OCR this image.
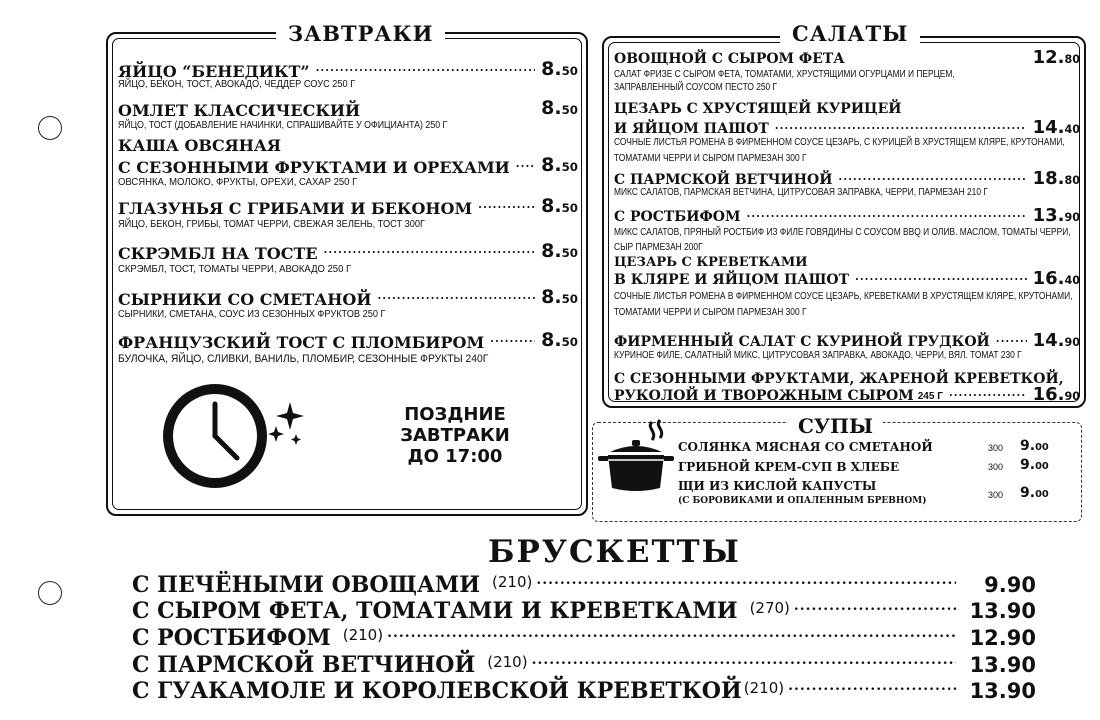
ЗАВТРАКИ
ЯЙЦО “БЕНЕДИКТ” .....	8.50
ЯЙЦО, БЕКОН, ТОСТ, АВОКАДО, ЧЕДДЕР СОУС 250 Г
ОМЛЕТ КЛАССИЧЕСКИЙ	8.50
ЯЙЦО, ТОСТ (ДОБАВЛЕНИЕ НАЧИНКИ, СПРАШИВАЙТЕ У ОФИЦИАНТА) 250 Г
КАША ОВСЯНАЯ
С СЕЗОННЫМИ ФРУКТАМИ И ОРЕХАМИ ..... 8.50
ОВСЯНКА, МОЛОКО, ФРУКТЫ, ОРЕХИ, САХАР 250 Г
ГЛАЗУНЬЯ С ГРИБАМИ И БЕКОНОМ .....	8.50
ЯЙЦО, БЕКОН, ГРИБЫ, ТОМАТ ЧЕРРИ, СВЕЖАЯ ЗЕЛЕНЬ, ТОСТ 300Г
СКРЭМБЛ НА ТОСТЕ .....	8.50
СКРЭМБЛ, ТОСТ, ТОМАТЫ ЧЕРРИ, АВОКАДО 250 Г
СЫРНИКИ СО СМЕТАНОЙ .....	8.50
СЫРНИКИ, СМЕТАНА, СОУС ИЗ СЕЗОННЫХ ФРУКТОВ 250 Г
ФРАНЦУЗСКИЙ ТОСТ С ПЛОМБИРОМ .....	8.50
БУЛОЧКА, ЯЙЦО, СЛИВКИ, ВАНИЛЬ, ПЛОМБИР, СЕЗОННЫЕ ФРУКТЫ 240Г
ПОЗДНИЕ
ЗАВТРАКИ
ДО 17:00
САЛАТЫ
ОВОЩНОЙ С СЫРОМ ФЕТА	12.80
САЛАТ ФРИЗЕ С СЫРОМ ФЕТА, ТОМАТАМИ, ХРУСТЯЩИМИ ОГУРЦАМИ И ПЕРЦЕМ,
ЗАПРАВЛЕННЫЙ СОУСОМ ПЕСТО 250 Г
ЦЕЗАРЬ С ХРУСТЯЩЕЙ КУРИЦЕЙ
И ЯЙЦОМ ПАШОТ .....	14.40
СОЧНЫЕ ЛИСТЬЯ РОМЕНА В ФИРМЕННОМ СОУСЕ ЦЕЗАРЬ, С КУРИЦЕЙ В ХРУСТЯЩЕМ КЛЯРЕ, КРУТОНАМИ,
ТОМАТАМИ ЧЕРРИ И СЫРОМ ПАРМЕЗАН 300 Г
С ПАРМСКОЙ ВЕТЧИНОЙ .....	18.80
МИКС САЛАТОВ, ПАРМСКАЯ ВЕТЧИНА, ЦИТРУСОВАЯ ЗАПРАВКА, ЧЕРРИ, ПАРМЕЗАН 210 Г
С РОСТБИФОМ .....	13.90
МИКС САЛАТОВ, ПРЯНЫЙ РОСТБИФ ИЗ ФИЛЕ ГОВЯДИНЫ С СОУСОМ BBQ И ОЛИВ. МАСЛОМ, ТОМАТЫ ЧЕРРИ,
СЫР ПАРМЕЗАН 200Г
ЦЕЗАРЬ С КРЕВЕТКАМИ
В КЛЯРЕ И ЯЙЦОМ ПАШОТ .....	16.40
СОЧНЫЕ ЛИСТЬЯ РОМЕНА В ФИРМЕННОМ СОУСЕ ЦЕЗАРЬ, КРЕВЕТКАМИ В ХРУСТЯЩЕМ КЛЯРЕ, КРУТОНАМИ,
ТОМАТАМИ ЧЕРРИ И СЫРОМ ПАРМЕЗАН 300 Г
ФИРМЕННЫЙ САЛАТ С КУРИНОЙ ГРУДКОЙ ..... 14.90
КУРИНОЕ ФИЛЕ, САЛАТНЫЙ МИКС, ЦИТРУСОВАЯ ЗАПРАВКА, АВОКАДО, ЧЕРРИ, ВЯЛ. ТОМАТ 230 Г
С СЕЗОННЫМИ ФРУКТАМИ, ЖАРЕНОЙ КРЕВЕТКОЙ,
РУКОЛОЙ И ТВОРОЖНЫМ СЫРОМ 245 Г .....	16.90
СУПЫ
СОЛЯНКА МЯСНАЯ СО СМЕТАНОЙ	300 9.00
ГРИБНОЙ КРЕМ-СУП В ХЛЕБЕ	300 9.00
ЩИ ИЗ КИСЛОЙ КАПУСТЫ
(С БОРОВИКАМИ И ОПАЛЕННЫМ БРЕВНОМ)
300 9.00
БРУСКЕТТЫ
С ПЕЧЁНЫМИ ОВОЩАМИ (210) .....	9.90
С СЫРОМ ФЕТА, ТОМАТАМИ И КРЕВЕТКАМИ (270) .....	13.90
С РОСТБИФОМ (210) .....	12.90
С ПАРМСКОЙ ВЕТЧИНОЙ (210) .....	13.90
С ГУАКАМОЛЕ И КОРОЛЕВСКОЙ КРЕВЕТКОЙ (210) .....	13.90
